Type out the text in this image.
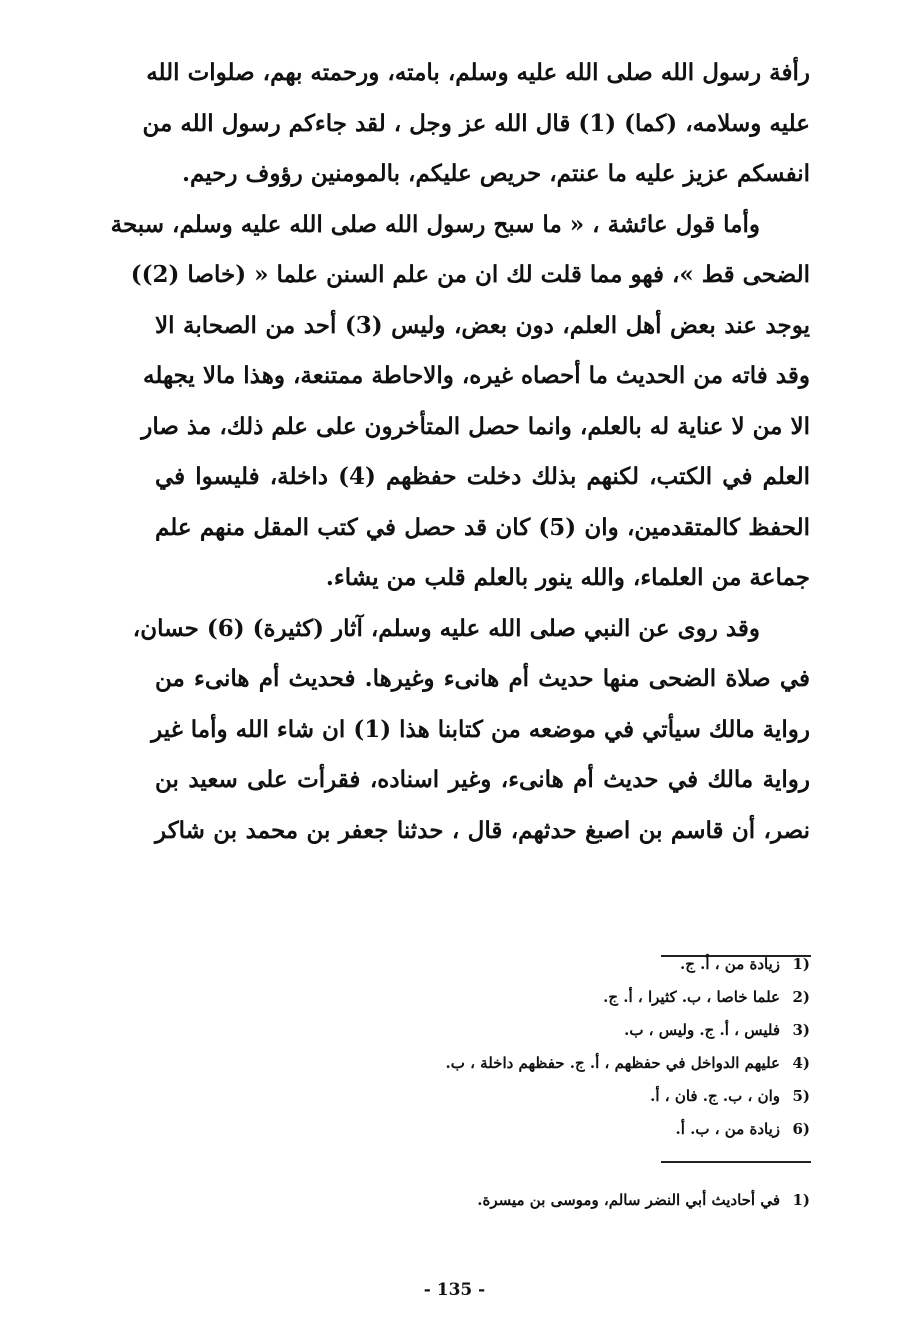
رأفة رسول الله صلى الله عليه وسلم، بامته، ورحمته بهم، صلوات الله
عليه وسلامه، (كما) (1) قال الله عز وجل ، لقد جاءكم رسول الله من
انفسكم عزيز عليه ما عنتم، حريص عليكم، بالمومنين رؤوف رحيم.
وأما قول عائشة ، « ما سبح رسول الله صلى الله عليه وسلم، سبحة
الضحى قط »، فهو مما قلت لك ان من علم السنن علما « (خاصا (2))
يوجد عند بعض أهل العلم، دون بعض، وليس (3) أحد من الصحابة الا
وقد فاته من الحديث ما أحصاه غيره، والاحاطة ممتنعة، وهذا مالا يجهله
الا من لا عناية له بالعلم، وانما حصل المتأخرون على علم ذلك، مذ صار
العلم في الكتب، لكنهم بذلك دخلت حفظهم (4) داخلة، فليسوا في
الحفظ كالمتقدمين، وان (5) كان قد حصل في كتب المقل منهم علم
جماعة من العلماء، والله ينور بالعلم قلب من يشاء.
وقد روى عن النبي صلى الله عليه وسلم، آثار (كثيرة) (6) حسان،
في صلاة الضحى منها حديث أم هانىء وغيرها. فحديث أم هانىء من
رواية مالك سيأتي في موضعه من كتابنا هذا (1) ان شاء الله وأما غير
رواية مالك في حديث أم هانىء، وغير اسناده، فقرأت على سعيد بن
نصر، أن قاسم بن اصبغ حدثهم، قال ، حدثنا جعفر بن محمد بن شاكر
(1زيادة من ، أ. ج.
(2علما خاصا ، ب. كثيرا ، أ. ج.
(3فليس ، أ. ج. وليس ، ب.
(4عليهم الدواخل في حفظهم ، أ. ج. حفظهم داخلة ، ب.
(5وان ، ب. ج. فان ، أ.
(6زيادة من ، ب. أ.
(1في أحاديث أبي النضر سالم، وموسى بن ميسرة.
- 135 -
